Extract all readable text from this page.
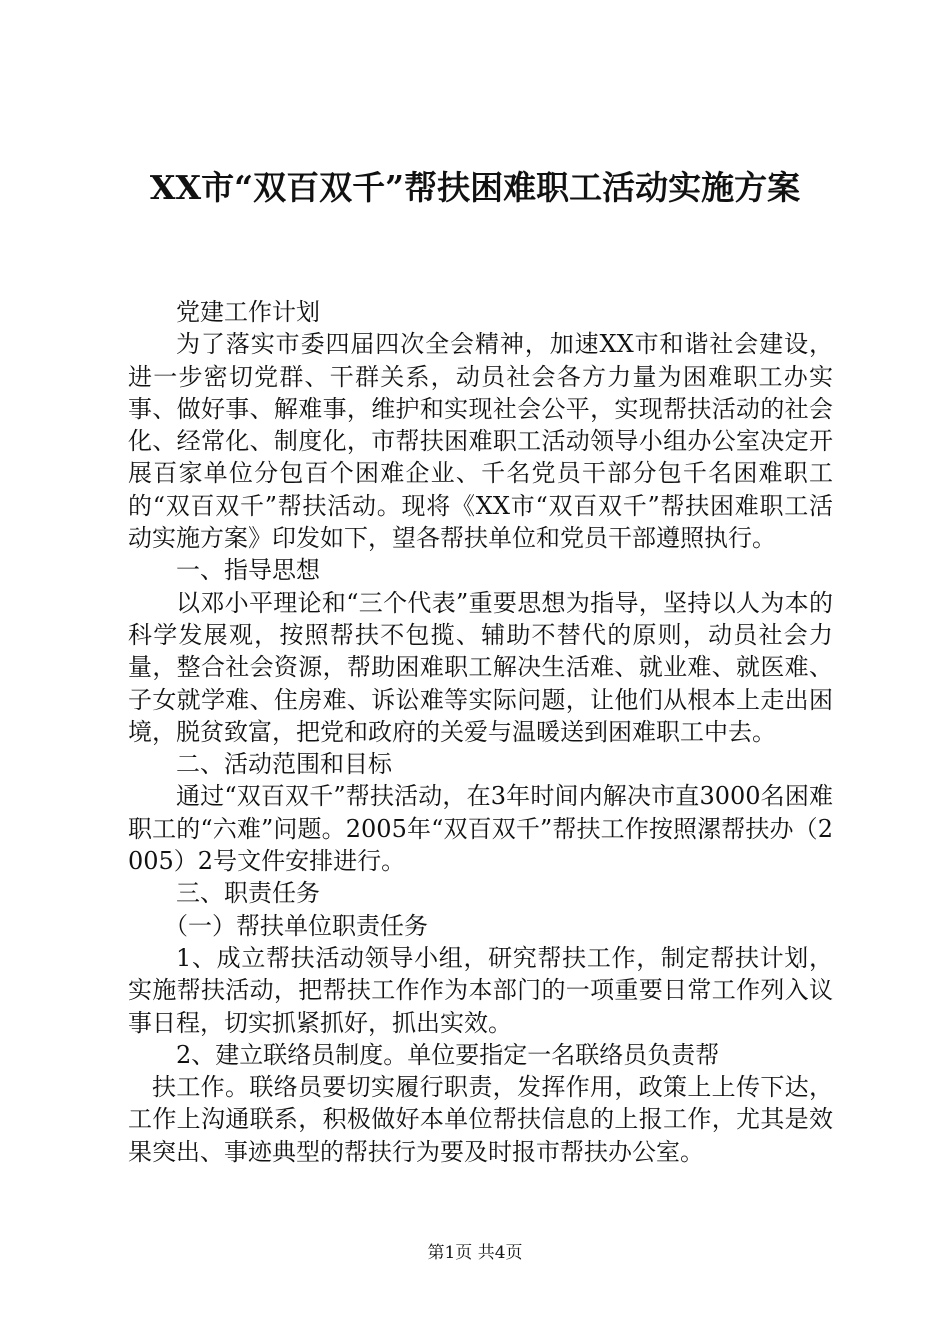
XX市“双百双千”帮扶困难职工活动实施方案

党建工作计划

为了落实市委四届四次全会精神，加速XX市和谐社会建设，进一步密切党群、干群关系，动员社会各方力量为困难职工办实事、做好事、解难事，维护和实现社会公平，实现帮扶活动的社会化、经常化、制度化，市帮扶困难职工活动领导小组办公室决定开展百家单位分包百个困难企业、千名党员干部分包千名困难职工的“双百双千”帮扶活动。现将《XX市“双百双千”帮扶困难职工活动实施方案》印发如下，望各帮扶单位和党员干部遵照执行。

一、指导思想

以邓小平理论和“三个代表”重要思想为指导，坚持以人为本的科学发展观，按照帮扶不包揽、辅助不替代的原则，动员社会力量，整合社会资源，帮助困难职工解决生活难、就业难、就医难、子女就学难、住房难、诉讼难等实际问题，让他们从根本上走出困境，脱贫致富，把党和政府的关爱与温暖送到困难职工中去。

二、活动范围和目标

通过“双百双千”帮扶活动，在3年时间内解决市直3000名困难职工的“六难”问题。2005年“双百双千”帮扶工作按照漯帮扶办（2005）2号文件安排进行。

三、职责任务

（一）帮扶单位职责任务

1、成立帮扶活动领导小组，研究帮扶工作，制定帮扶计划，实施帮扶活动，把帮扶工作作为本部门的一项重要日常工作列入议事日程，切实抓紧抓好，抓出实效。

2、建立联络员制度。单位要指定一名联络员负责帮

扶工作。联络员要切实履行职责，发挥作用，政策上上传下达，工作上沟通联系，积极做好本单位帮扶信息的上报工作，尤其是效果突出、事迹典型的帮扶行为要及时报市帮扶办公室。

第1页 共4页
